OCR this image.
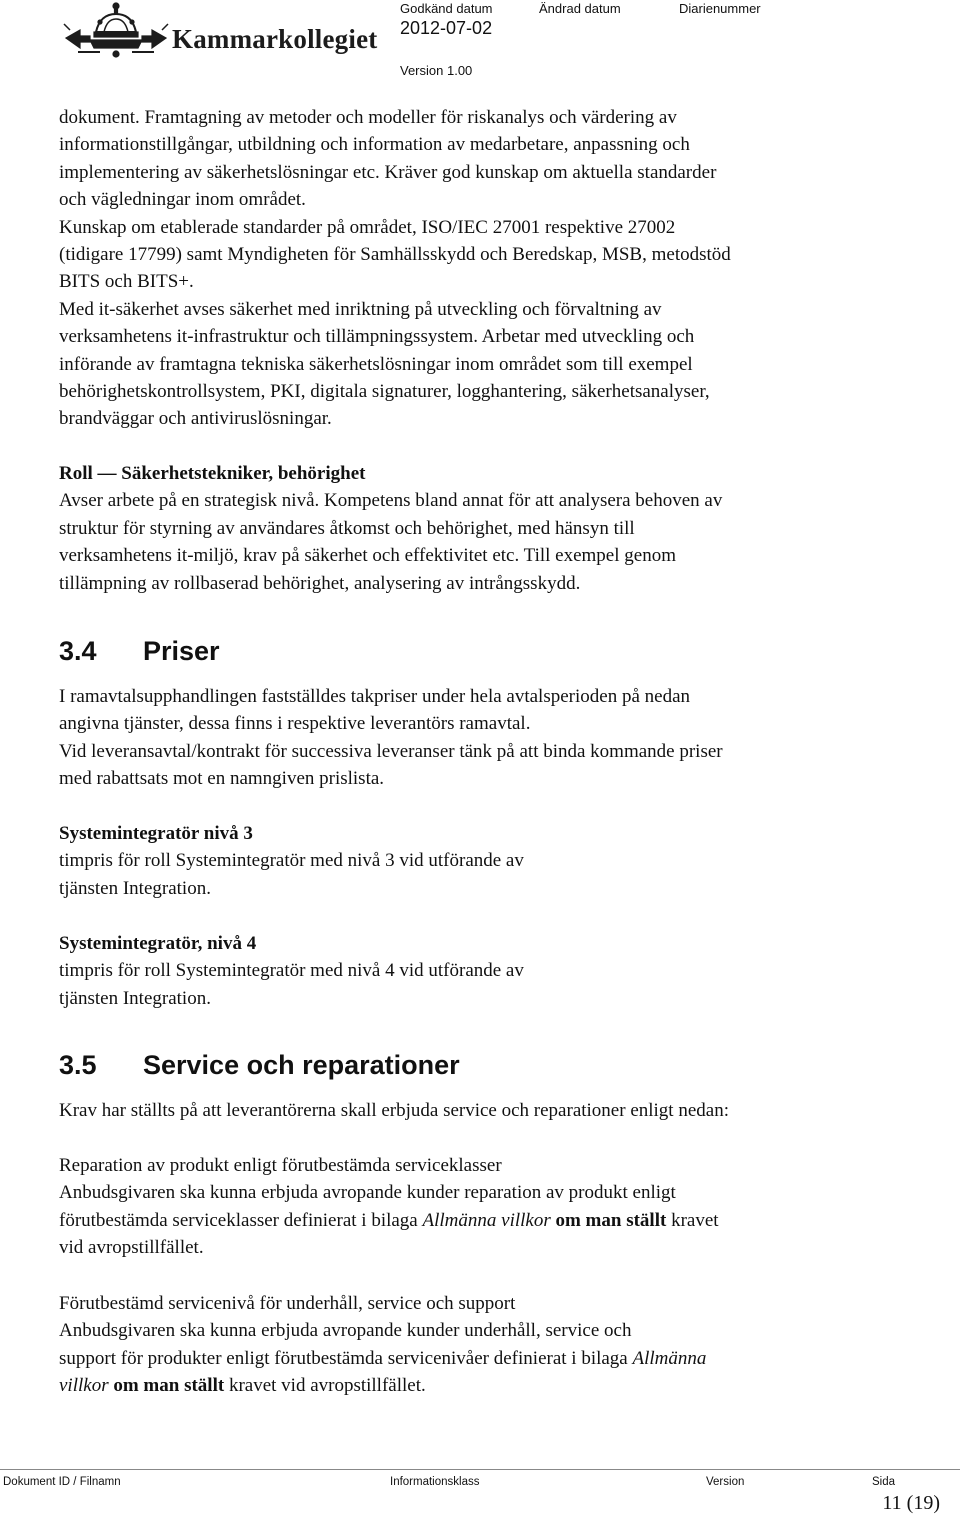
Kammarkollegiet
Godkänd datum	Ändrad datum	Diarienummer
2012-07-02
Version 1.00
dokument. Framtagning av metoder och modeller för riskanalys och värdering av
informationstillgångar, utbildning och information av medarbetare, anpassning och
implementering av säkerhetslösningar etc. Kräver god kunskap om aktuella standarder
och vägledningar inom området.
Kunskap om etablerade standarder på området, ISO/IEC 27001 respektive 27002
(tidigare 17799) samt Myndigheten för Samhällsskydd och Beredskap, MSB, metodstöd
BITS och BITS+.
Med it-säkerhet avses säkerhet med inriktning på utveckling och förvaltning av
verksamhetens it-infrastruktur och tillämpningssystem. Arbetar med utveckling och
införande av framtagna tekniska säkerhetslösningar inom området som till exempel
behörighetskontrollsystem, PKI, digitala signaturer, logghantering, säkerhetsanalyser,
brandväggar och antiviruslösningar.
Roll — Säkerhetstekniker, behörighet
Avser arbete på en strategisk nivå. Kompetens bland annat för att analysera behoven av
struktur för styrning av användares åtkomst och behörighet, med hänsyn till
verksamhetens it-miljö, krav på säkerhet och effektivitet etc. Till exempel genom
tillämpning av rollbaserad behörighet, analysering av intrångsskydd.
3.4 Priser
I ramavtalsupphandlingen fastställdes takpriser under hela avtalsperioden på nedan
angivna tjänster, dessa finns i respektive leverantörs ramavtal.
Vid leveransavtal/kontrakt för successiva leveranser tänk på att binda kommande priser
med rabattsats mot en namngiven prislista.
Systemintegratör nivå 3
timpris för roll Systemintegratör med nivå 3 vid utförande av
tjänsten Integration.
Systemintegratör, nivå 4
timpris för roll Systemintegratör med nivå 4 vid utförande av
tjänsten Integration.
3.5 Service och reparationer
Krav har ställts på att leverantörerna skall erbjuda service och reparationer enligt nedan:
Reparation av produkt enligt förutbestämda serviceklasser
Anbudsgivaren ska kunna erbjuda avropande kunder reparation av produkt enligt
förutbestämda serviceklasser definierat i bilaga Allmänna villkor om man ställt kravet
vid avropstillfället.
Förutbestämd servicenivå för underhåll, service och support
Anbudsgivaren ska kunna erbjuda avropande kunder underhåll, service och
support för produkter enligt förutbestämda servicenivåer definierat i bilaga Allmänna
villkor om man ställt kravet vid avropstillfället.
Dokument ID / Filnamn	Informationsklass	Version	Sida
11 (19)
